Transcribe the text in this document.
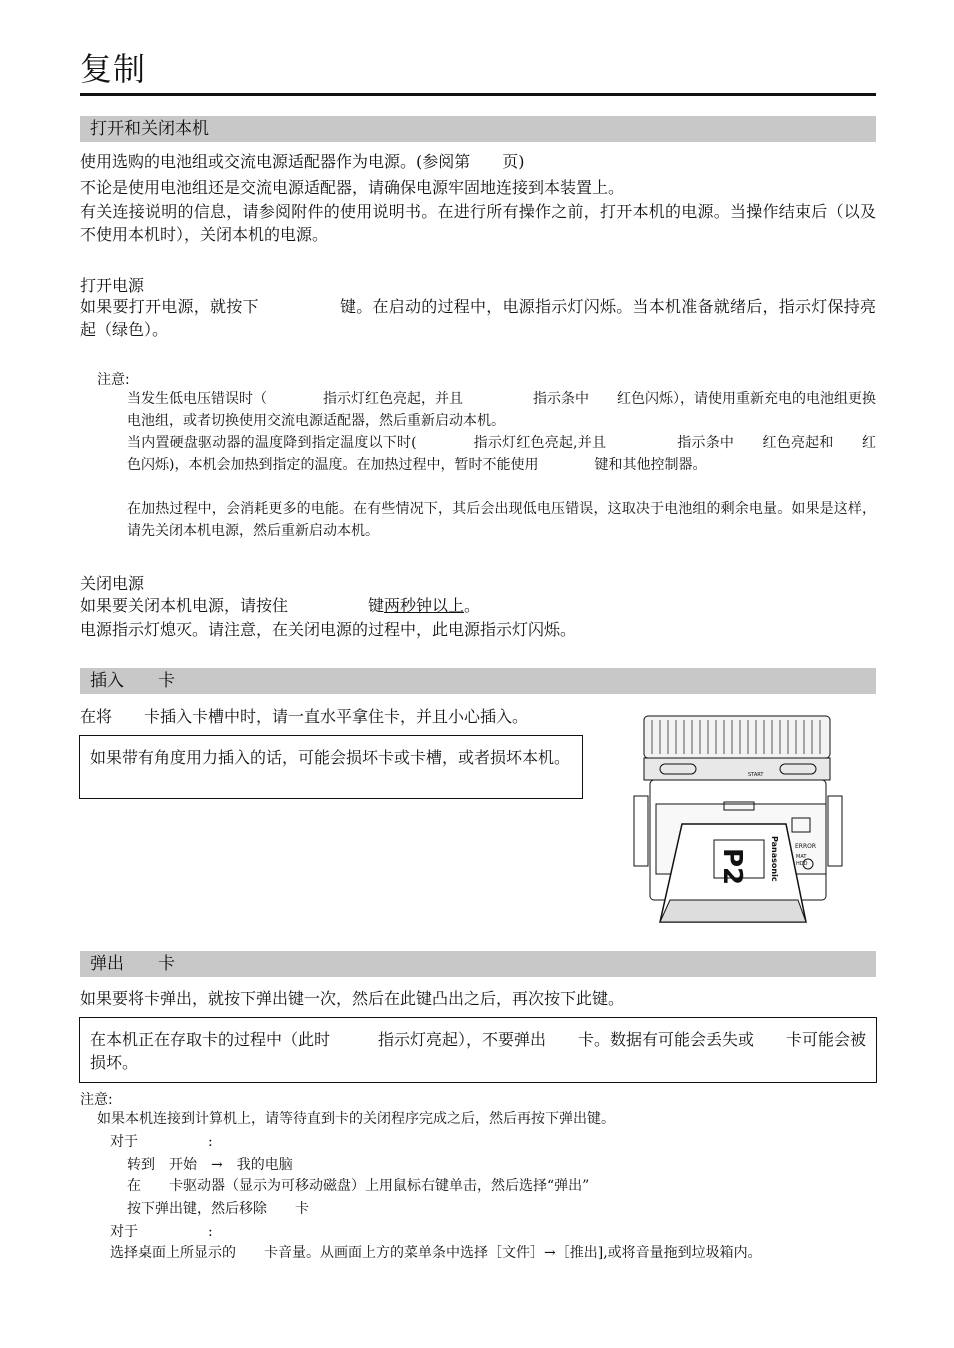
复制
打开和关闭本机
使用选购的电池组或交流电源适配器作为电源。(参阅第　　页)
不论是使用电池组还是交流电源适配器，请确保电源牢固地连接到本装置上。
有关连接说明的信息，请参阅附件的使用说明书。在进行所有操作之前，打开本机的电源。当操作结束后（以及不使用本机时），关闭本机的电源。
打开电源
如果要打开电源，就按下　　　　　键。在启动的过程中，电源指示灯闪烁。当本机准备就绪后，指示灯保持亮起（绿色）。
注意:
当发生低电压错误时（　　　　指示灯红色亮起，并且　　　　　指示条中　　红色闪烁），请使用重新充电的电池组更换电池组，或者切换使用交流电源适配器，然后重新启动本机。
当内置硬盘驱动器的温度降到指定温度以下时(　　　　指示灯红色亮起,并且　　　　　指示条中　　红色亮起和　　红色闪烁)，本机会加热到指定的温度。在加热过程中，暂时不能使用　　　　键和其他控制器。
在加热过程中，会消耗更多的电能。在有些情况下，其后会出现低电压错误，这取决于电池组的剩余电量。如果是这样，请先关闭本机电源，然后重新启动本机。
关闭电源
如果要关闭本机电源，请按住　　　　　键两秒钟以上。
电源指示灯熄灭。请注意，在关闭电源的过程中，此电源指示灯闪烁。
插入　　卡
在将　　卡插入卡槽中时，请一直水平拿住卡，并且小心插入。
如果带有角度用力插入的话，可能会损坏卡或卡槽，或者损坏本机。
START
ERROR
MAT
HDD
Panasonic
P2
弹出　　卡
如果要将卡弹出，就按下弹出键一次，然后在此键凸出之后，再次按下此键。
在本机正在存取卡的过程中（此时　　　指示灯亮起），不要弹出　　卡。数据有可能会丢失或　　卡可能会被损坏。
注意:
如果本机连接到计算机上，请等待直到卡的关闭程序完成之后，然后再按下弹出键。
对于　　　　　:
转到　开始　→　我的电脑
在　　卡驱动器（显示为可移动磁盘）上用鼠标右键单击，然后选择“弹出”
按下弹出键，然后移除　　卡
对于　　　　　:
选择桌面上所显示的　　卡音量。从画面上方的菜单条中选择［文件］→［推出],或将音量拖到垃圾箱内。
